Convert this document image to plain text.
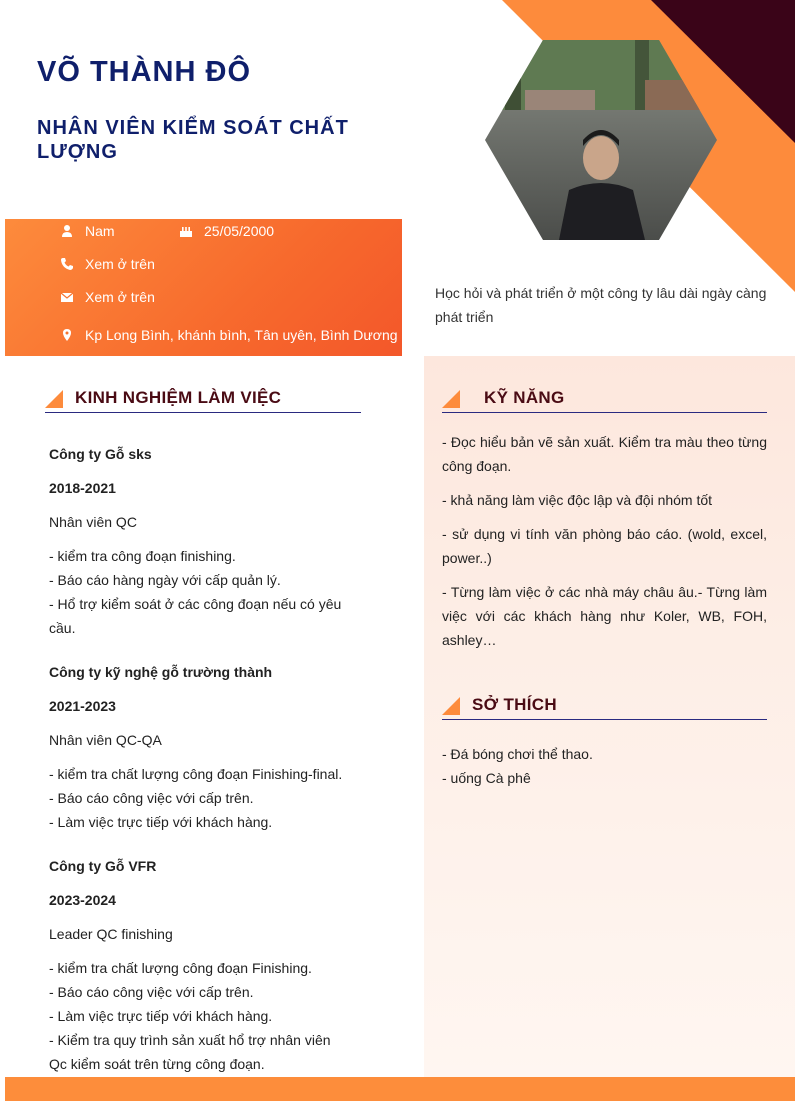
VÕ THÀNH ĐÔ
NHÂN VIÊN KIỂM SOÁT CHẤT LƯỢNG
Nam	25/05/2000
Xem ở trên
Xem ở trên
Kp Long Bình, khánh bình, Tân uyên, Bình Dương
Học hỏi và phát triển ở một công ty lâu dài ngày càng phát triển
KINH NGHIỆM LÀM VIỆC

Công ty Gỗ sks

2018-2021

Nhân viên QC

- kiểm tra công đoạn finishing.
- Báo cáo hàng ngày với cấp quản lý.
- Hổ trợ kiểm soát ở các công đoạn nếu có yêu cầu.

Công ty kỹ nghệ gỗ trường thành

2021-2023

Nhân viên QC-QA

- kiểm tra chất lượng công đoạn Finishing-final.
- Báo cáo công việc với cấp trên.
- Làm việc trực tiếp với khách hàng.

Công ty Gỗ VFR

2023-2024

Leader QC finishing

- kiểm tra chất lượng công đoạn Finishing.
- Báo cáo công việc với cấp trên.
- Làm việc trực tiếp với khách hàng.
- Kiểm tra quy trình sản xuất hổ trợ nhân viên Qc kiểm soát trên từng công đoạn.
KỸ NĂNG

- Đọc hiểu bản vẽ sản xuất. Kiểm tra màu theo từng công đoạn.

- khả năng làm việc độc lập và đội nhóm tốt

- sử dụng vi tính văn phòng báo cáo. (wold, excel, power..)

- Từng làm việc ở các nhà máy châu âu.- Từng làm việc với các khách hàng như Koler, WB, FOH, ashley…

SỞ THÍCH
- Đá bóng chơi thể thao.
- uống Cà phê
